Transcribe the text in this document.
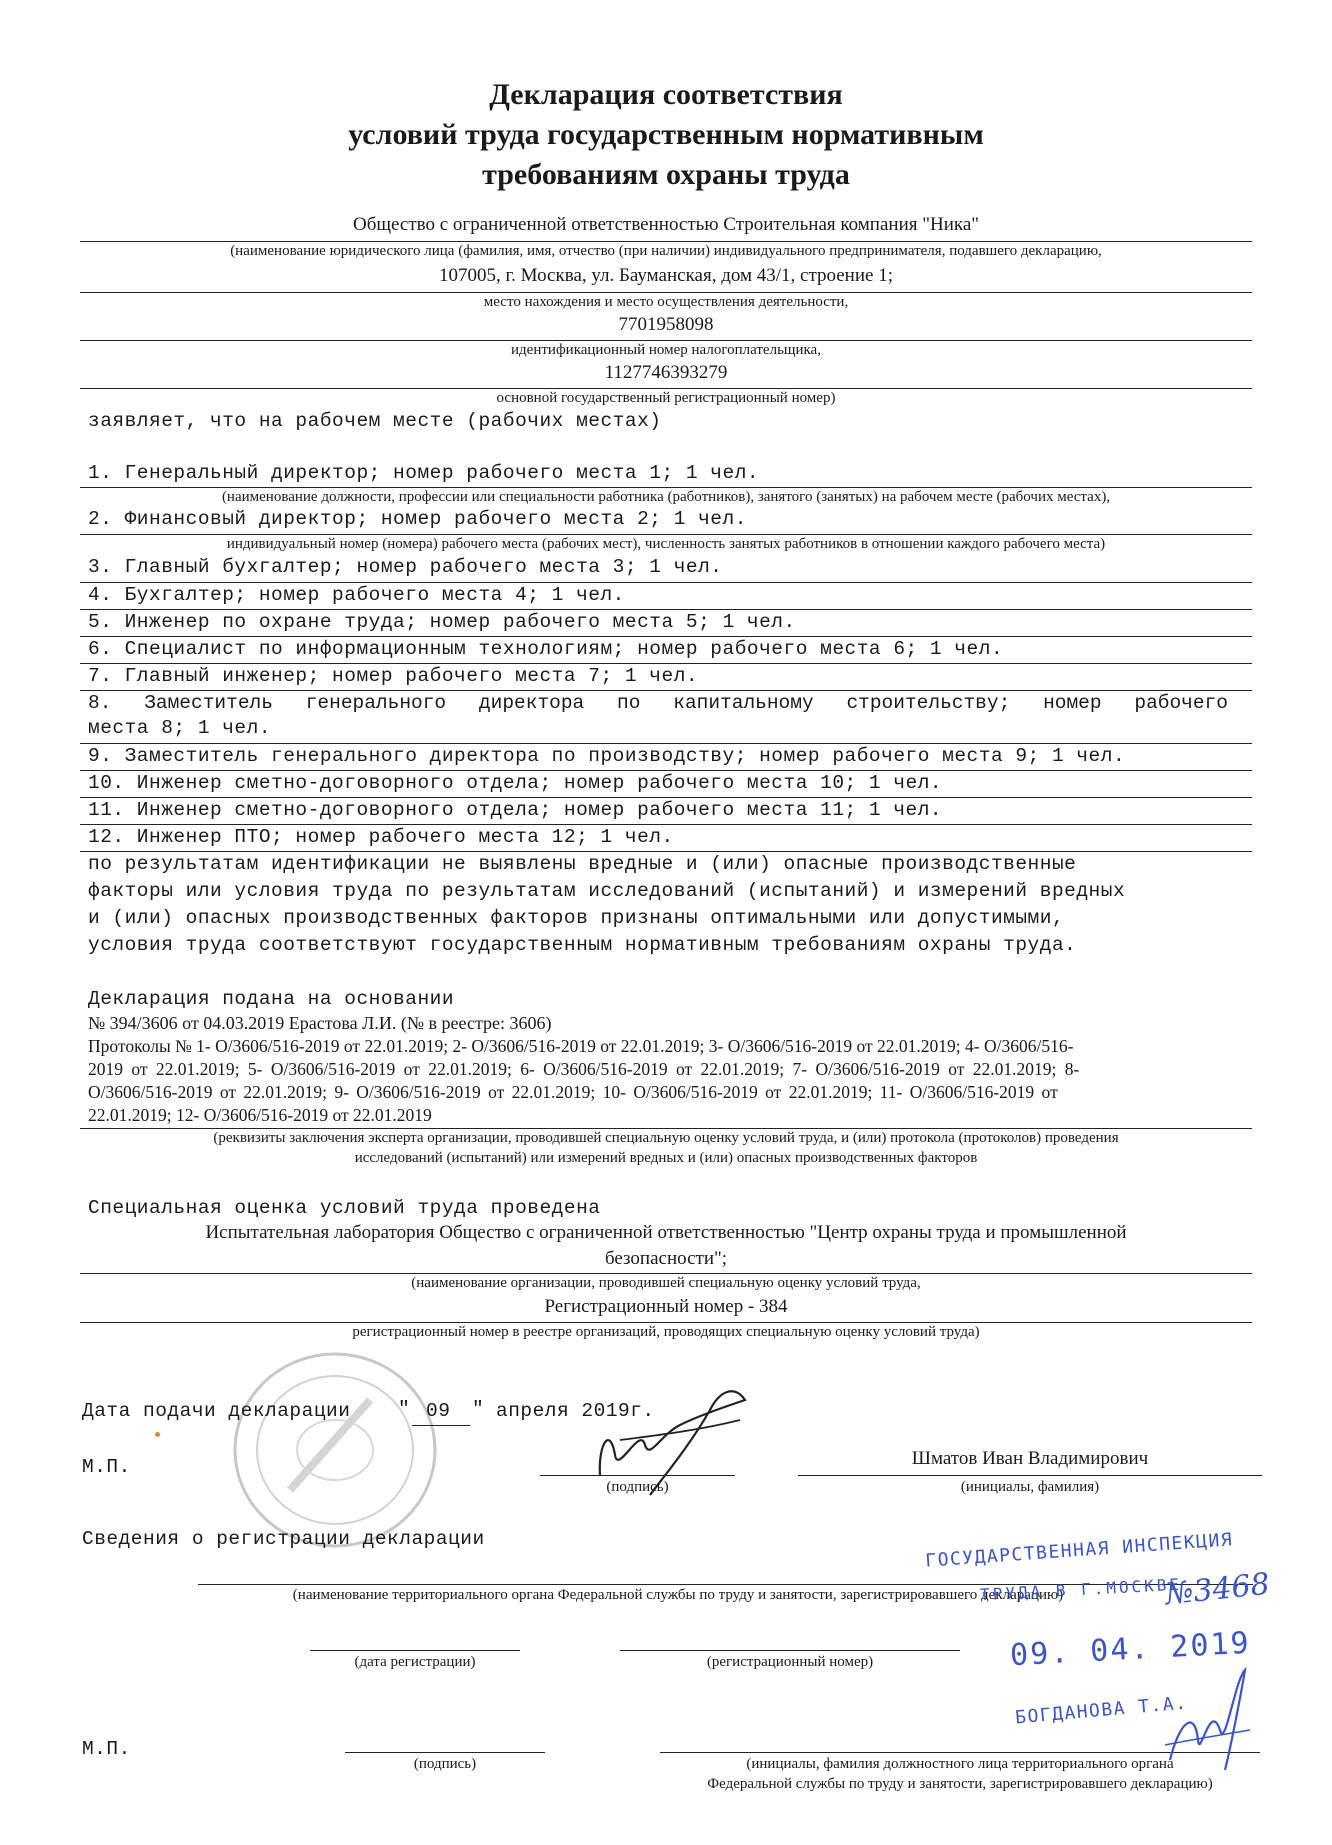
Декларация соответствия
условий труда государственным нормативным
требованиям охраны труда
Общество с ограниченной ответственностью Строительная компания "Ника"
(наименование юридического лица (фамилия, имя, отчество (при наличии) индивидуального предпринимателя, подавшего декларацию,
107005, г. Москва, ул. Бауманская, дом 43/1, строение 1;
место нахождения и место осуществления деятельности,
7701958098
идентификационный номер налогоплательщика,
1127746393279
основной государственный регистрационный номер)
заявляет, что на рабочем месте (рабочих местах)
1. Генеральный директор; номер рабочего места 1; 1 чел.
(наименование должности, профессии или специальности работника (работников), занятого (занятых) на рабочем месте (рабочих местах),
2. Финансовый директор; номер рабочего места 2; 1 чел.
индивидуальный номер (номера) рабочего места (рабочих мест), численность занятых работников в отношении каждого рабочего места)
3. Главный бухгалтер; номер рабочего места 3; 1 чел.
4. Бухгалтер; номер рабочего места 4; 1 чел.
5. Инженер по охране труда; номер рабочего места 5; 1 чел.
6. Специалист по информационным технологиям; номер рабочего места 6; 1 чел.
7. Главный инженер; номер рабочего места 7; 1 чел.
8. Заместитель генерального директора по капитальному строительству; номер рабочего
места 8; 1 чел.
9. Заместитель генерального директора по производству; номер рабочего места 9; 1 чел.
10. Инженер сметно-договорного отдела; номер рабочего места 10; 1 чел.
11. Инженер сметно-договорного отдела; номер рабочего места 11; 1 чел.
12. Инженер ПТО; номер рабочего места 12; 1 чел.
по результатам идентификации не выявлены вредные и (или) опасные производственные
факторы или условия труда по результатам исследований (испытаний) и измерений вредных
и (или) опасных производственных факторов признаны оптимальными или допустимыми,
условия труда соответствуют государственным нормативным требованиям охраны труда.
Декларация подана на основании
№ 394/3606 от 04.03.2019 Ерастова Л.И. (№ в реестре: 3606)
Протоколы № 1- О/3606/516-2019 от 22.01.2019; 2- О/3606/516-2019 от 22.01.2019; 3- О/3606/516-2019 от 22.01.2019; 4- О/3606/516-
2019 от 22.01.2019; 5- О/3606/516-2019 от 22.01.2019; 6- О/3606/516-2019 от 22.01.2019; 7- О/3606/516-2019 от 22.01.2019; 8-
О/3606/516-2019 от 22.01.2019; 9- О/3606/516-2019 от 22.01.2019; 10- О/3606/516-2019 от 22.01.2019; 11- О/3606/516-2019 от
22.01.2019; 12- О/3606/516-2019 от 22.01.2019
(реквизиты заключения эксперта организации, проводившей специальную оценку условий труда, и (или) протокола (протоколов) проведения
исследований (испытаний) или измерений вредных и (или) опасных производственных факторов
Специальная оценка условий труда проведена
Испытательная лаборатория Общество с ограниченной ответственностью "Центр охраны труда и промышленной
безопасности";
(наименование организации, проводившей специальную оценку условий труда,
Регистрационный номер - 384
регистрационный номер в реестре организаций, проводящих специальную оценку условий труда)
Дата подачи декларации " 09 " апреля 2019г.
М.П.
(подпись)
Шматов Иван Владимирович
(инициалы, фамилия)
Сведения о регистрации декларации
(наименование территориального органа Федеральной службы по труду и занятости, зарегистрировавшего декларацию)
(дата регистрации)	(регистрационный номер)
М.П.
(подпись)	(инициалы, фамилия должностного лица территориального органа
Федеральной службы по труду и занятости, зарегистрировавшего декларацию)
ГОСУДАРСТВЕННАЯ ИНСПЕКЦИЯ
ТРУДА В Г.МОСКВЕ
№3468
09. 04. 2019
БОГДАНОВА Т.А.
